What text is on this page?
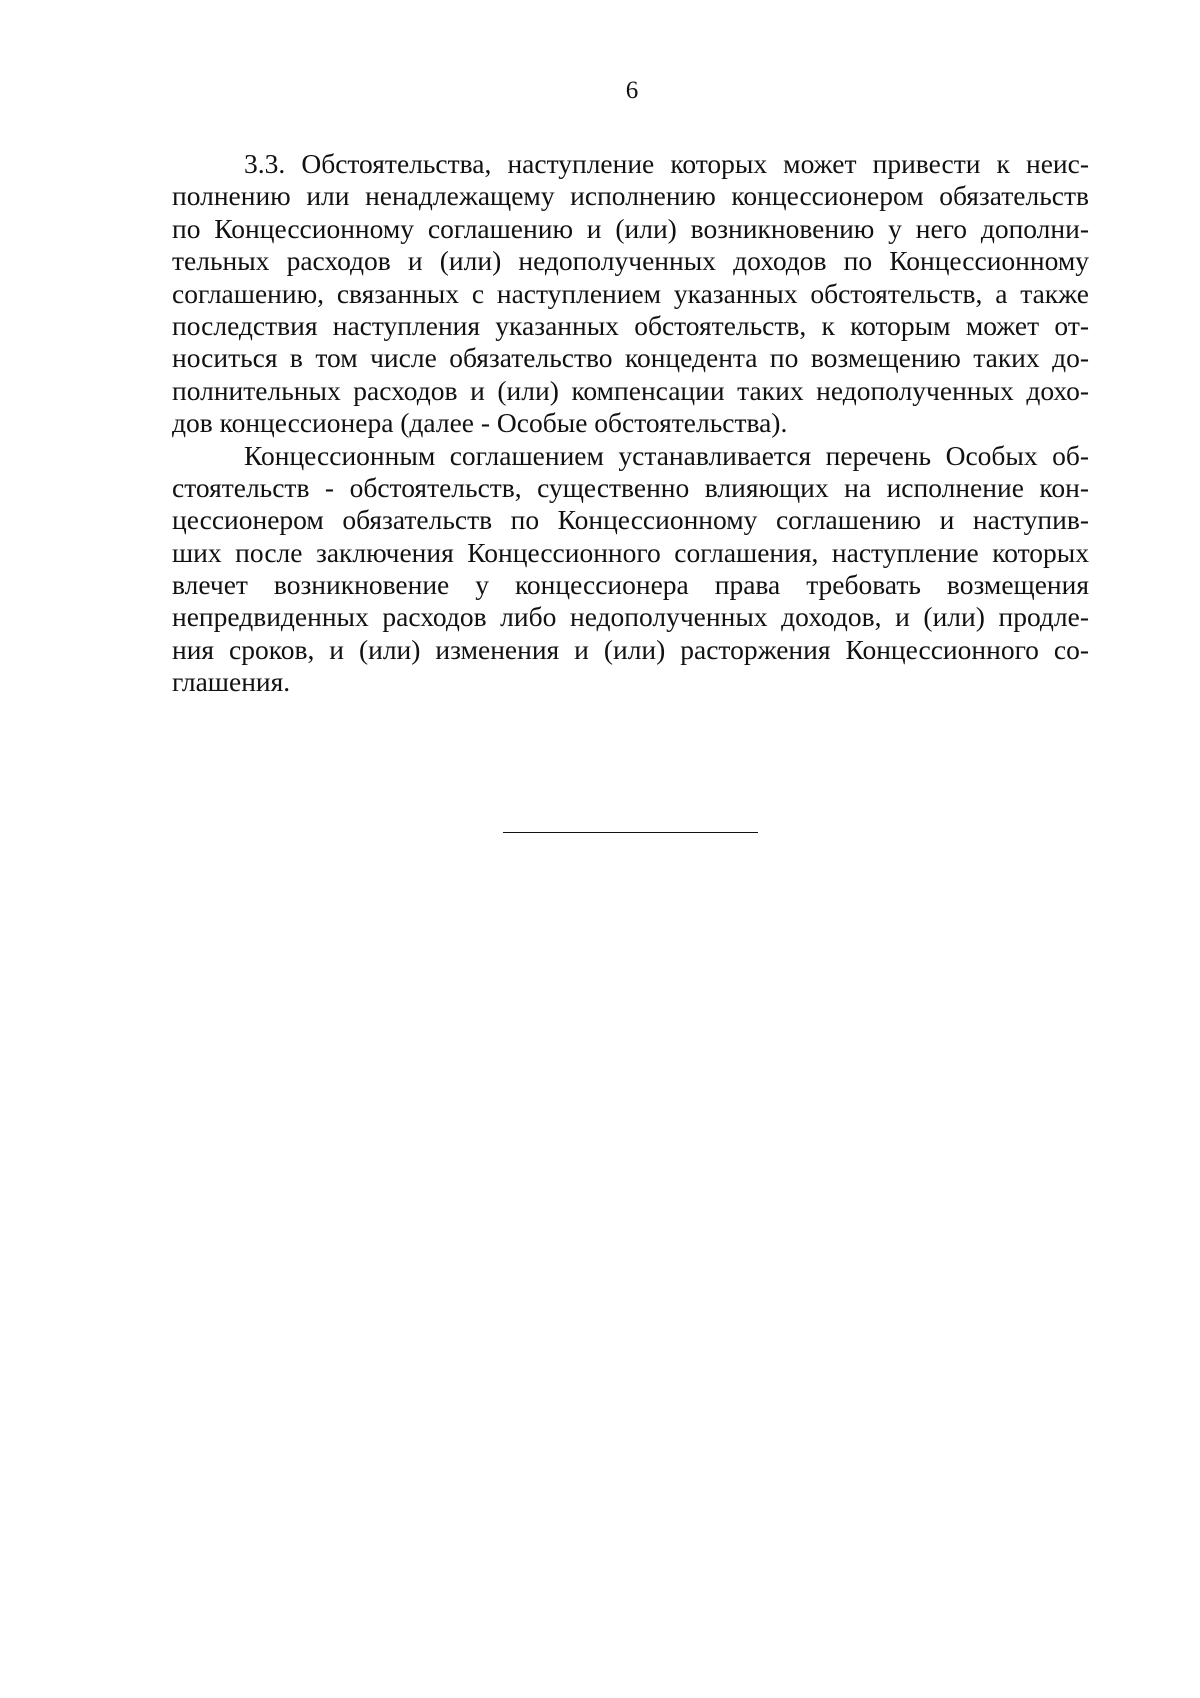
6
3.3. Обстоятельства, наступление которых может привести к неис-
полнению или ненадлежащему исполнению концессионером обязательств
по Концессионному соглашению и (или) возникновению у него дополни-
тельных расходов и (или) недополученных доходов по Концессионному
соглашению, связанных с наступлением указанных обстоятельств, а также
последствия наступления указанных обстоятельств, к которым может от-
носиться в том числе обязательство концедента по возмещению таких до-
полнительных расходов и (или) компенсации таких недополученных дохо-
дов концессионера (далее - Особые обстоятельства).
Концессионным соглашением устанавливается перечень Особых об-
стоятельств - обстоятельств, существенно влияющих на исполнение кон-
цессионером обязательств по Концессионному соглашению и наступив-
ших после заключения Концессионного соглашения, наступление которых
влечет возникновение у концессионера права требовать возмещения
непредвиденных расходов либо недополученных доходов, и (или) продле-
ния сроков, и (или) изменения и (или) расторжения Концессионного со-
глашения.
